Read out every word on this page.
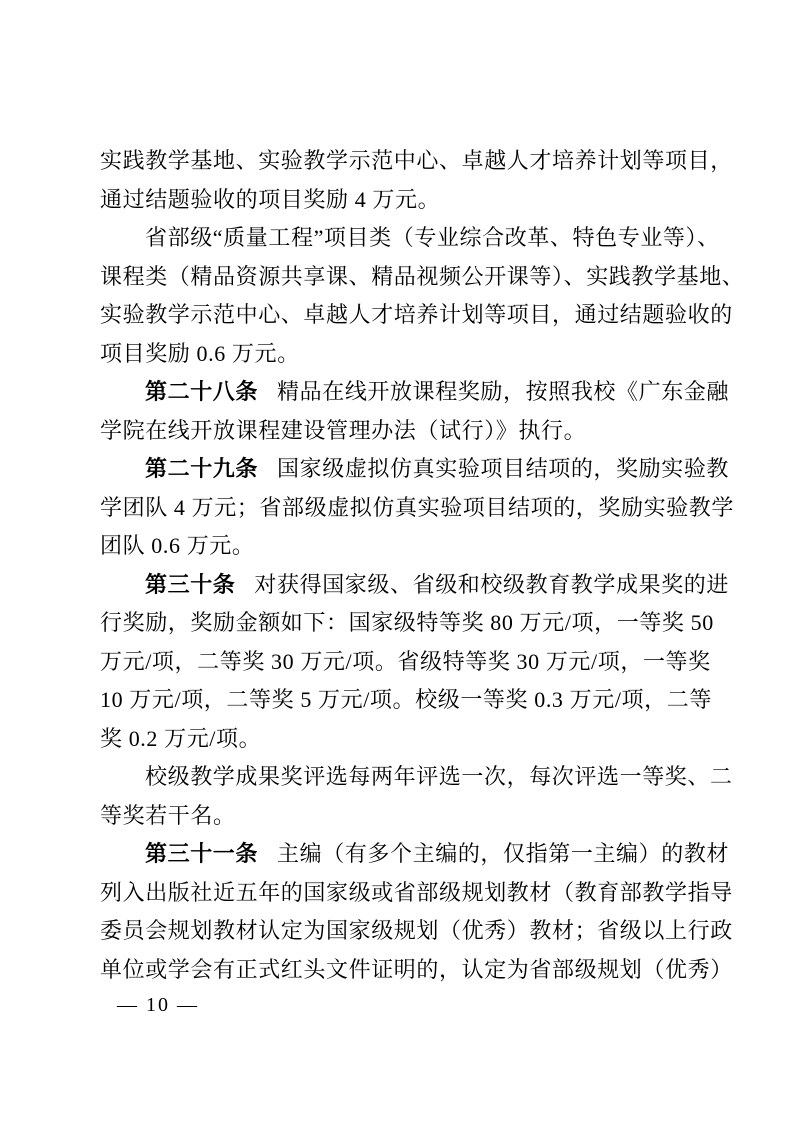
实践教学基地、实验教学示范中心、卓越人才培养计划等项目，
通过结题验收的项目奖励 4 万元。
省部级“质量工程”项目类（专业综合改革、特色专业等）、
课程类（精品资源共享课、精品视频公开课等）、实践教学基地、
实验教学示范中心、卓越人才培养计划等项目，通过结题验收的
项目奖励 0.6 万元。
第二十八条 精品在线开放课程奖励，按照我校《广东金融
学院在线开放课程建设管理办法（试行）》执行。
第二十九条 国家级虚拟仿真实验项目结项的，奖励实验教
学团队 4 万元；省部级虚拟仿真实验项目结项的，奖励实验教学
团队 0.6 万元。
第三十条 对获得国家级、省级和校级教育教学成果奖的进
行奖励，奖励金额如下：国家级特等奖 80 万元/项，一等奖 50
万元/项，二等奖 30 万元/项。省级特等奖 30 万元/项，一等奖
10 万元/项，二等奖 5 万元/项。校级一等奖 0.3 万元/项，二等
奖 0.2 万元/项。
校级教学成果奖评选每两年评选一次，每次评选一等奖、二
等奖若干名。
第三十一条 主编（有多个主编的，仅指第一主编）的教材
列入出版社近五年的国家级或省部级规划教材（教育部教学指导
委员会规划教材认定为国家级规划（优秀）教材；省级以上行政
单位或学会有正式红头文件证明的，认定为省部级规划（优秀）
— 10 —
